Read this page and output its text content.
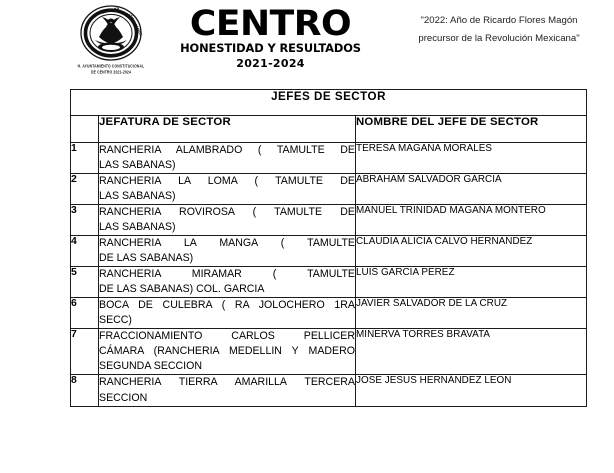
ESTADOS
UNIDOS
MEXICANOS
H. AYUNTAMIENTO CONSTITUCIONAL
DE CENTRO 2021-2024
CENTRO
HONESTIDAD Y RESULTADOS
2021-2024
"2022: Año de Ricardo Flores Magón
precursor de la Revolución Mexicana"
JEFES DE SECTOR		
	JEFATURA DE SECTOR	NOMBRE DEL JEFE DE SECTOR
1	RANCHERIA ALAMBRADO ( TAMULTE DE
LAS SABANAS)	TERESA MAGAÑA MORALES
2	RANCHERIA LA LOMA ( TAMULTE DE
LAS SABANAS)	ABRAHAM SALVADOR GARCIA
3	RANCHERIA ROVIROSA ( TAMULTE DE
LAS SABANAS)	MANUEL TRINIDAD MAGAÑA MONTERO
4	RANCHERIA LA MANGA ( TAMULTE
DE LAS SABANAS)	CLAUDIA ALICIA CALVO HERNANDEZ
5	RANCHERIA MIRAMAR ( TAMULTE
DE LAS SABANAS) COL. GARCIA	LUIS GARCIA PEREZ
6	BOCA DE CULEBRA ( RA JOLOCHERO 1RA
SECC)	JAVIER SALVADOR DE LA CRUZ
7	FRACCIONAMIENTO CARLOS PELLICER
CÁMARA (RANCHERIA MEDELLIN Y MADERO
SEGUNDA SECCION	MINERVA TORRES BRAVATA
8	RANCHERIA TIERRA AMARILLA TERCERA
SECCION	JOSE JESUS HERNÁNDEZ LEON
